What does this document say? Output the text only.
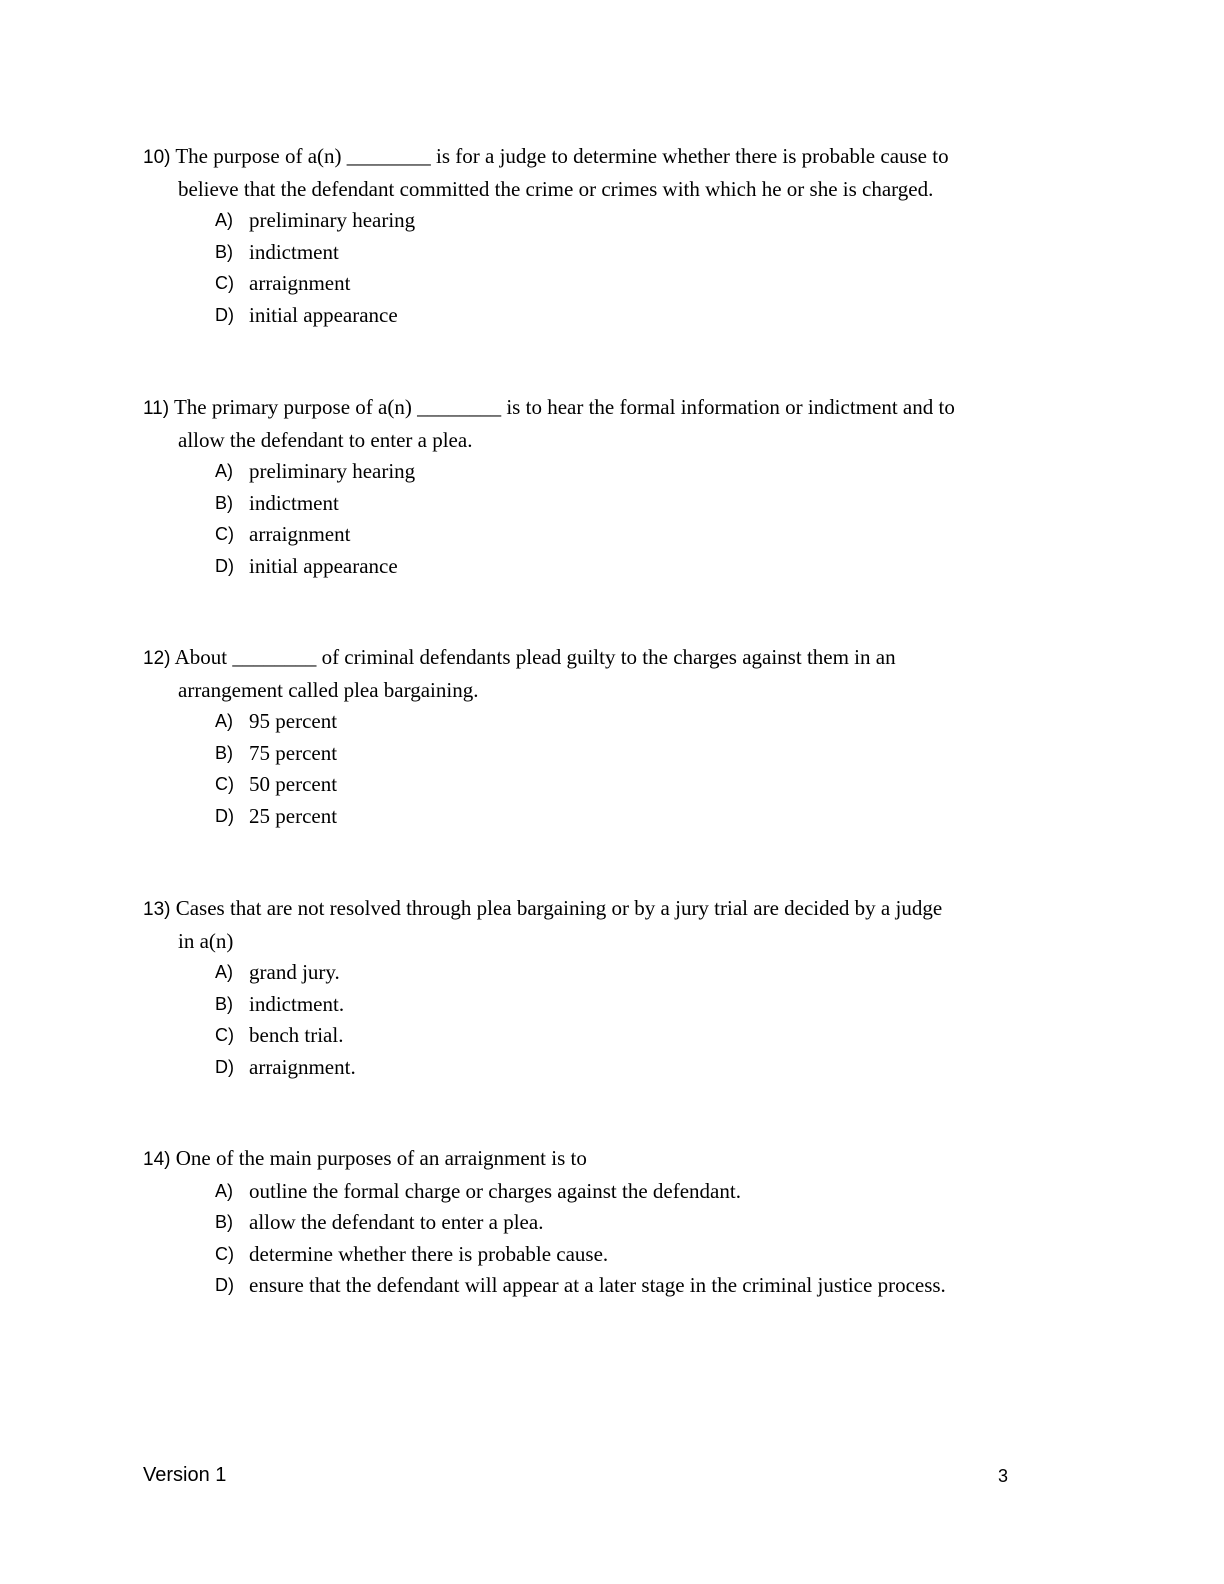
10) The purpose of a(n) ________ is for a judge to determine whether there is probable cause to
believe that the defendant committed the crime or crimes with which he or she is charged.
A) preliminary hearing
B) indictment
C) arraignment
D) initial appearance
11) The primary purpose of a(n) ________ is to hear the formal information or indictment and to
allow the defendant to enter a plea.
A) preliminary hearing
B) indictment
C) arraignment
D) initial appearance
12) About ________ of criminal defendants plead guilty to the charges against them in an
arrangement called plea bargaining.
A) 95 percent
B) 75 percent
C) 50 percent
D) 25 percent
13) Cases that are not resolved through plea bargaining or by a jury trial are decided by a judge
in a(n)
A) grand jury.
B) indictment.
C) bench trial.
D) arraignment.
14) One of the main purposes of an arraignment is to
A) outline the formal charge or charges against the defendant.
B) allow the defendant to enter a plea.
C) determine whether there is probable cause.
D) ensure that the defendant will appear at a later stage in the criminal justice process.
Version 1	3
